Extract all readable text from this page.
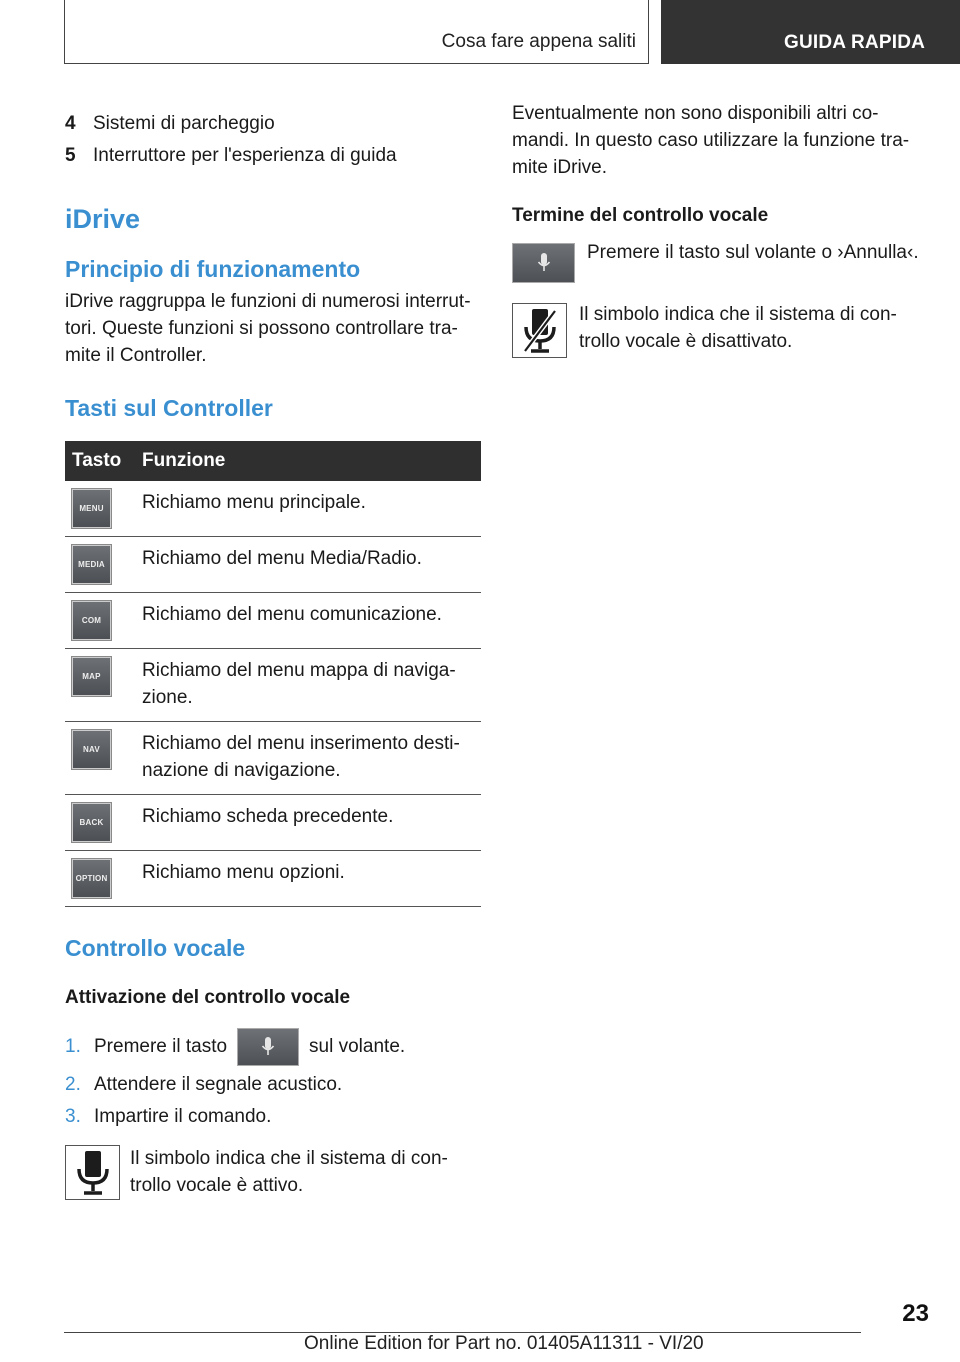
Cosa fare appena saliti	GUIDA RAPIDA
4 Sistemi di parcheggio
5 Interruttore per l'esperienza di guida
iDrive
Principio di funzionamento

iDrive raggruppa le funzioni di numerosi interrut‐ tori. Queste funzioni si possono controllare tra‐ mite il Controller.

Tasti sul Controller
Tasto	Funzione

MENU	Richiamo menu principale.

MEDIA	Richiamo del menu Media/Radio.

COM	Richiamo del menu comunicazione.

MAP	Richiamo del menu mappa di naviga‐ zione.

NAV	Richiamo del menu inserimento desti‐ nazione di navigazione.

BACK	Richiamo scheda precedente.

OPTION	Richiamo menu opzioni.
Controllo vocale
Attivazione del controllo vocale
1. Premere il tasto	sul volante.
2. Attendere il segnale acustico.
3. Impartire il comando.

Il simbolo indica che il sistema di con‐ trollo vocale è attivo.

Eventualmente non sono disponibili altri co‐ mandi. In questo caso utilizzare la funzione tra‐ mite iDrive.

Termine del controllo vocale

Premere il tasto sul volante o ›Annulla‹.

Il simbolo indica che il sistema di con‐ trollo vocale è disattivato.

23
Online Edition for Part no. 01405A11311 - VI/20
